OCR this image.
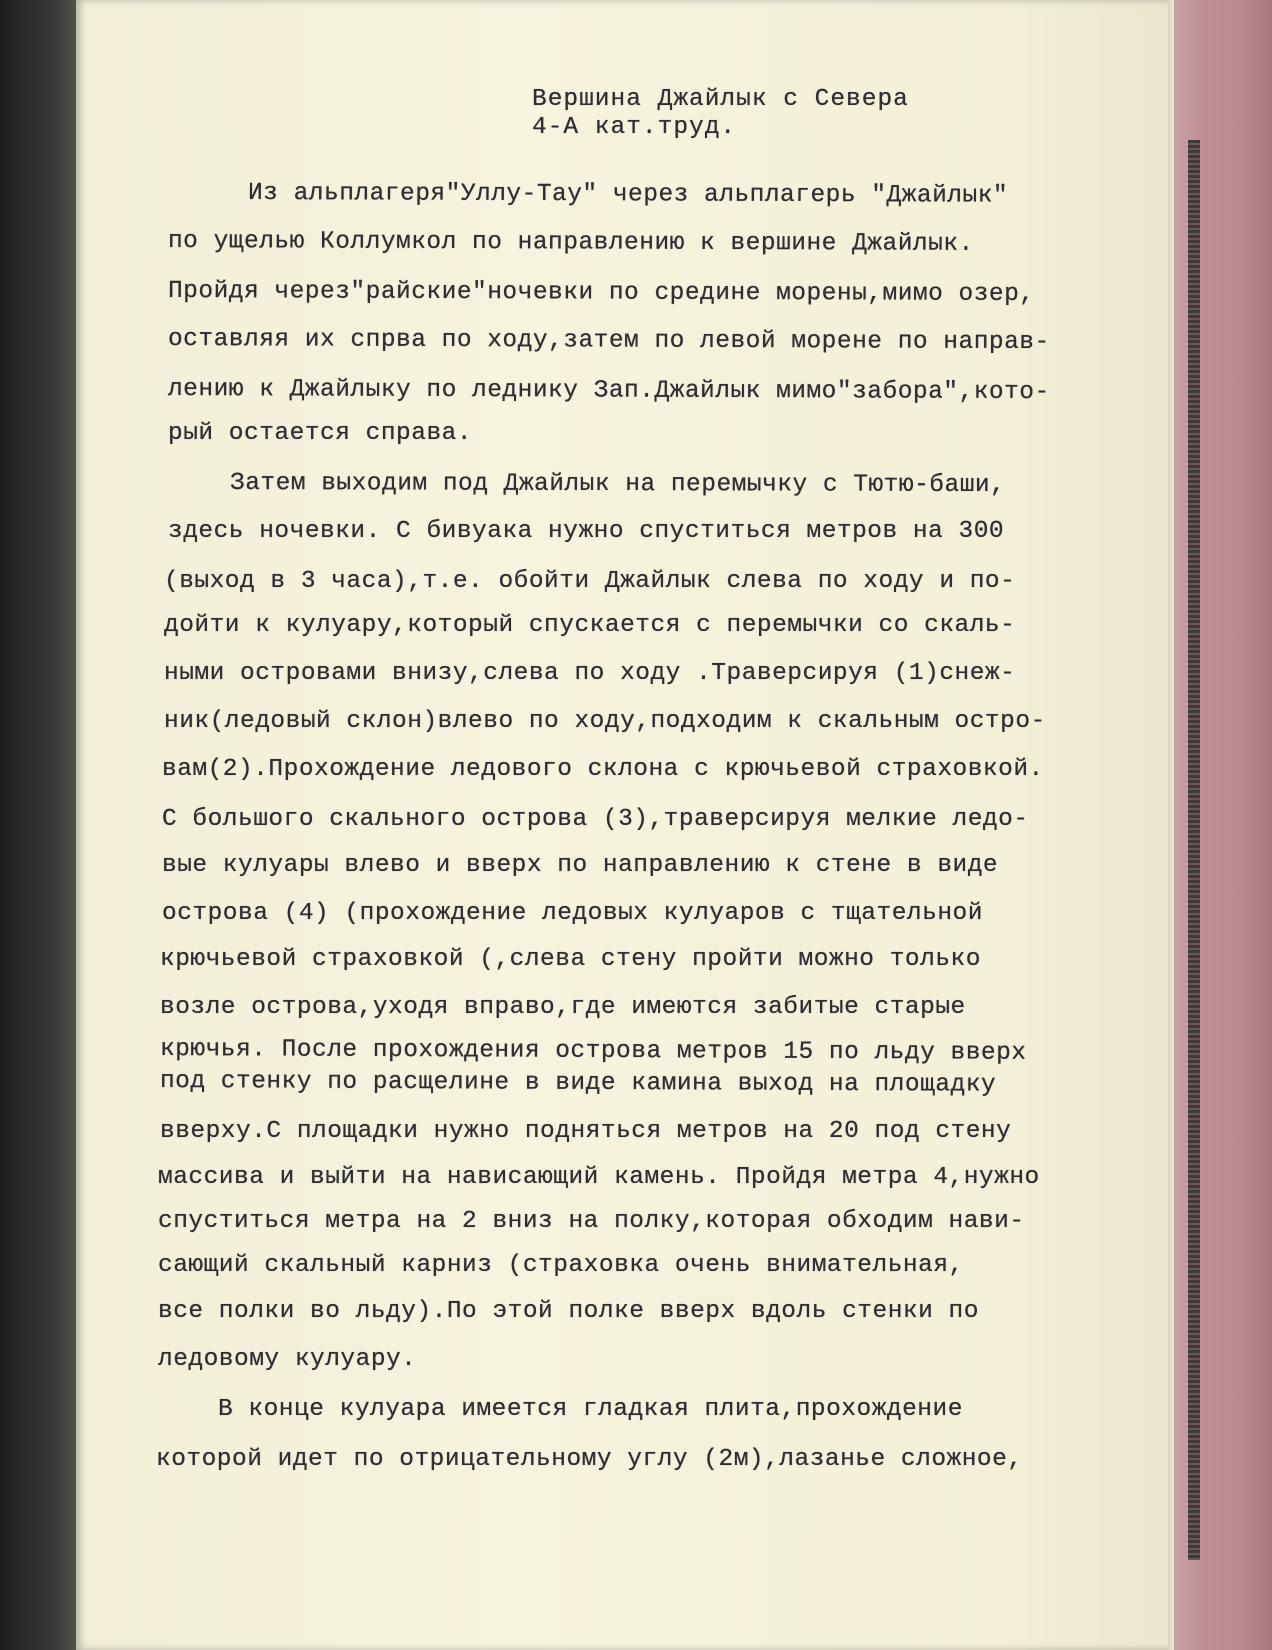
Вершина Джайлык с Севера
4-А кат.труд.
Из альплагеря"Уллу-Тау" через альплагерь "Джайлык"
по ущелью Коллумкол по направлению к вершине Джайлык.
Пройдя через"райские"ночевки по средине морены,мимо озер,
оставляя их спрва по ходу,затем по левой морене по направ-
лению к Джайлыку по леднику Зап.Джайлык мимо"забора",кото-
рый остается справа.
Затем выходим под Джайлык на перемычку с Тютю-баши,
здесь ночевки. С бивуака нужно спуститься метров на 300
(выход в 3 часа),т.е. обойти Джайлык слева по ходу и по-
дойти к кулуару,который спускается с перемычки со скаль-
ными островами внизу,слева по ходу .Траверсируя (1)снеж-
ник(ледовый склон)влево по ходу,подходим к скальным остро-
вам(2).Прохождение ледового склона с крючьевой страховкой.
С большого скального острова (3),траверсируя мелкие ледо-
вые кулуары влево и вверх по направлению к стене в виде
острова (4) (прохождение ледовых кулуаров с тщательной
крючьевой страховкой (,слева стену пройти можно только
возле острова,уходя вправо,где имеются забитые старые
крючья. После прохождения острова метров 15 по льду вверх
под стенку по расщелине в виде камина выход на площадку
вверху.С площадки нужно подняться метров на 20 под стену
массива и выйти на нависающий камень. Пройдя метра 4,нужно
спуститься метра на 2 вниз на полку,которая обходим нави-
сающий скальный карниз (страховка очень внимательная,
все полки во льду).По этой полке вверх вдоль стенки по
ледовому кулуару.
В конце кулуара имеется гладкая плита,прохождение
которой идет по отрицательному углу (2м),лазанье сложное,
